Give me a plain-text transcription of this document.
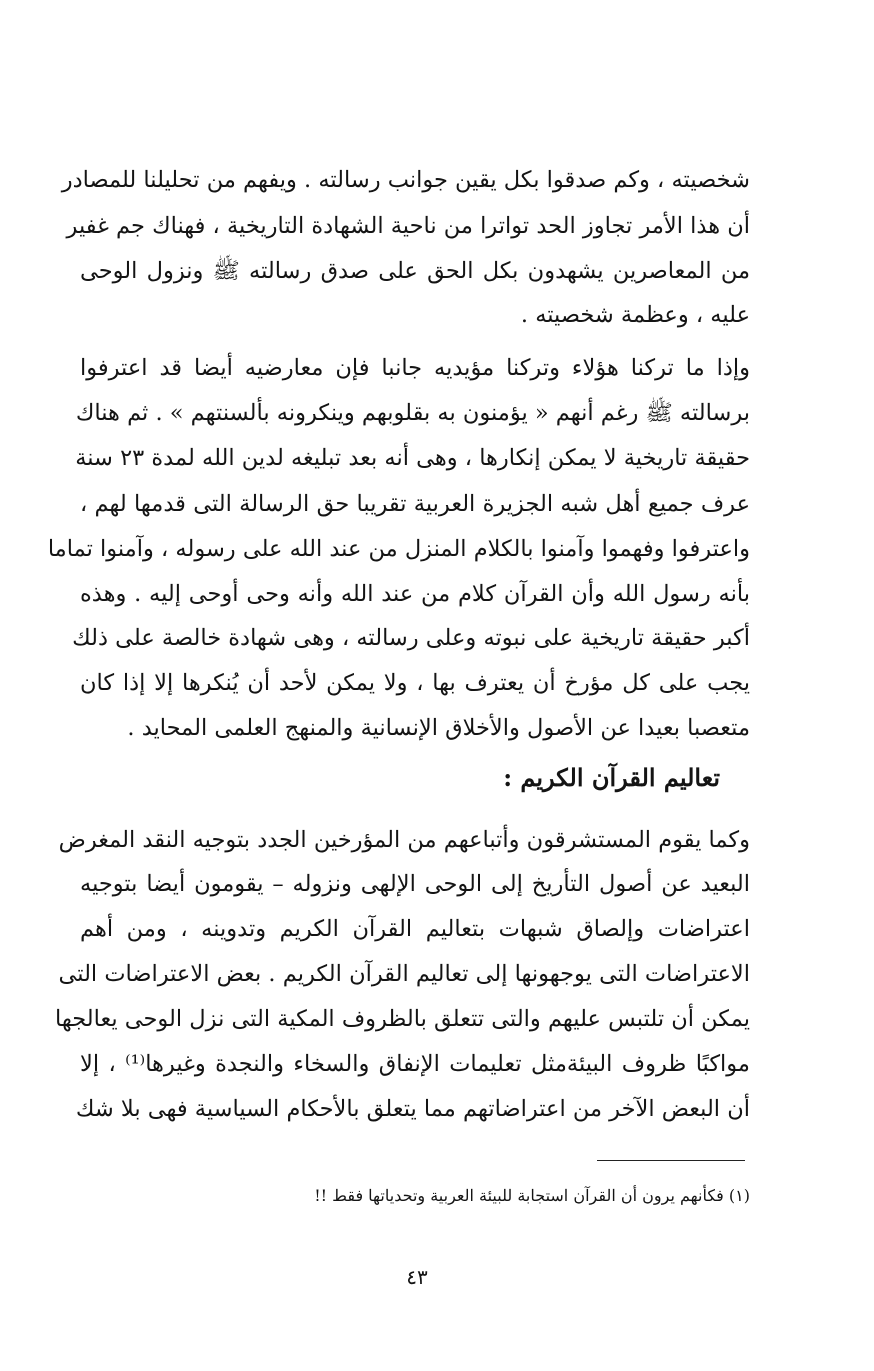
شخصيته ، وكم صدقوا بكل يقين جوانب رسالته . ويفهم من تحليلنا للمصادر
أن هذا الأمر تجاوز الحد تواترا من ناحية الشهادة التاريخية ، فهناك جم غفير
من المعاصرين يشهدون بكل الحق على صدق رسالته ﷺ ونزول الوحى
عليه ، وعظمة شخصيته .
وإذا ما تركنا هؤلاء وتركنا مؤيديه جانبا فإن معارضيه أيضا قد اعترفوا
برسالته ﷺ رغم أنهم « يؤمنون به بقلوبهم وينكرونه بألسنتهم » . ثم هناك
حقيقة تاريخية لا يمكن إنكارها ، وهى أنه بعد تبليغه لدين الله لمدة ٢٣ سنة
عرف جميع أهل شبه الجزيرة العربية تقريبا حق الرسالة التى قدمها لهم ،
واعترفوا وفهموا وآمنوا بالكلام المنزل من عند الله على رسوله ، وآمنوا تماما
بأنه رسول الله وأن القرآن كلام من عند الله وأنه وحى أوحى إليه . وهذه
أكبر حقيقة تاريخية على نبوته وعلى رسالته ، وهى شهادة خالصة على ذلك
يجب على كل مؤرخ أن يعترف بها ، ولا يمكن لأحد أن يُنكرها إلا إذا كان
متعصبا بعيدا عن الأصول والأخلاق الإنسانية والمنهج العلمى المحايد .
تعاليم القرآن الكريم :
وكما يقوم المستشرقون وأتباعهم من المؤرخين الجدد بتوجيه النقد المغرض
البعيد عن أصول التأريخ إلى الوحى الإلهى ونزوله – يقومون أيضا بتوجيه
اعتراضات وإلصاق شبهات بتعاليم القرآن الكريم وتدوينه ، ومن أهم
الاعتراضات التى يوجهونها إلى تعاليم القرآن الكريم . بعض الاعتراضات التى
يمكن أن تلتبس عليهم والتى تتعلق بالظروف المكية التى نزل الوحى يعالجها
مواكبًا ظروف البيئةمثل تعليمات الإنفاق والسخاء والنجدة وغيرها⁽¹⁾ ، إلا
أن البعض الآخر من اعتراضاتهم مما يتعلق بالأحكام السياسية فهى بلا شك
(١) فكأنهم يرون أن القرآن استجابة للبيئة العربية وتحدياتها فقط !!
٤٣
